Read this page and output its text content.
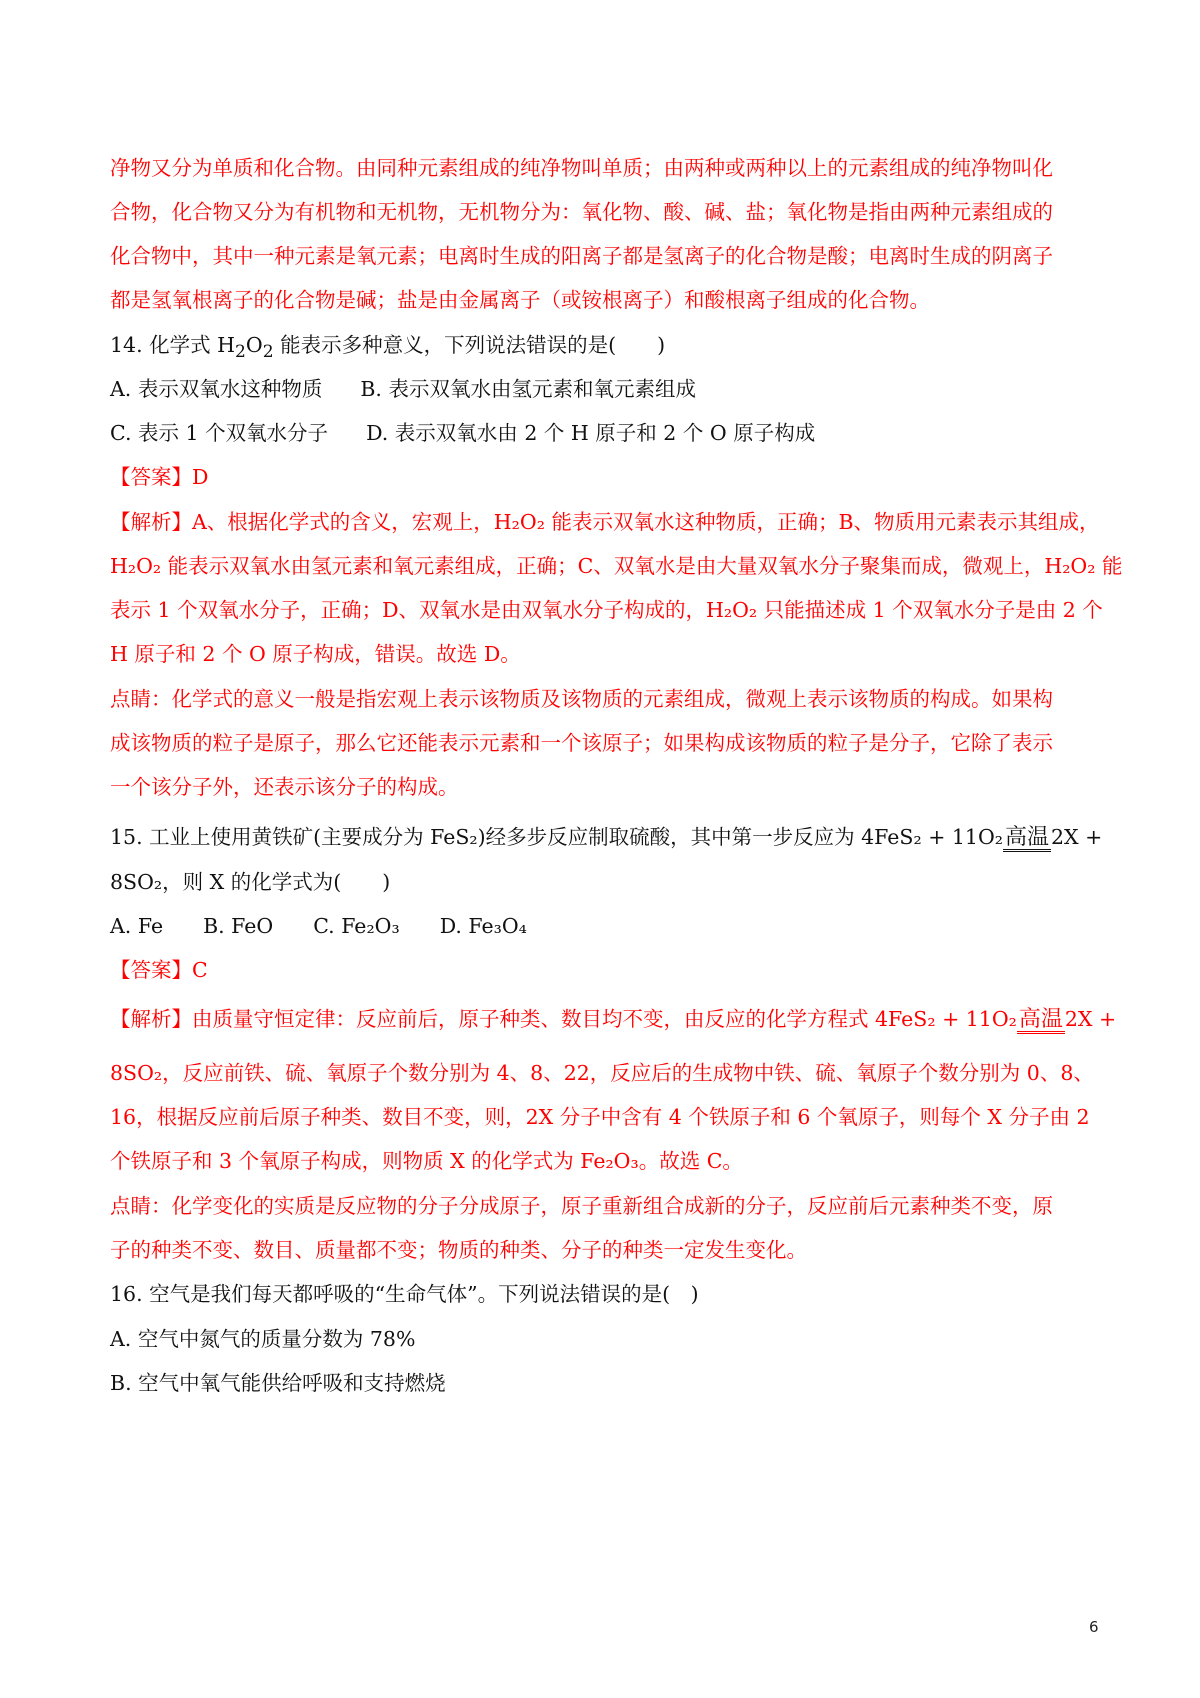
净物又分为单质和化合物。由同种元素组成的纯净物叫单质；由两种或两种以上的元素组成的纯净物叫化
合物，化合物又分为有机物和无机物，无机物分为：氧化物、酸、碱、盐；氧化物是指由两种元素组成的
化合物中，其中一种元素是氧元素；电离时生成的阳离子都是氢离子的化合物是酸；电离时生成的阴离子
都是氢氧根离子的化合物是碱；盐是由金属离子（或铵根离子）和酸根离子组成的化合物。
14. 化学式 $H_2O_2$ 能表示多种意义，下列说法错误的是(　　)
A. 表示双氧水这种物质 B. 表示双氧水由氢元素和氧元素组成
C. 表示 1 个双氧水分子 D. 表示双氧水由 2 个 H 原子和 2 个 O 原子构成
【答案】D
【解析】A、根据化学式的含义，宏观上，H₂O₂ 能表示双氧水这种物质，正确；B、物质用元素表示其组成，
H₂O₂ 能表示双氧水由氢元素和氧元素组成，正确；C、双氧水是由大量双氧水分子聚集而成，微观上，H₂O₂ 能
表示 1 个双氧水分子，正确；D、双氧水是由双氧水分子构成的，H₂O₂ 只能描述成 1 个双氧水分子是由 2 个
H 原子和 2 个 O 原子构成，错误。故选 D。
点睛：化学式的意义一般是指宏观上表示该物质及该物质的元素组成，微观上表示该物质的构成。如果构
成该物质的粒子是原子，那么它还能表示元素和一个该原子；如果构成该物质的粒子是分子，它除了表示
一个该分子外，还表示该分子的构成。
15. 工业上使用黄铁矿(主要成分为 FeS₂)经多步反应制取硫酸，其中第一步反应为 4FeS₂ + 11O₂高温2X +
8SO₂，则 X 的化学式为(　　)
A. Fe B. FeO C. Fe₂O₃ D. Fe₃O₄
【答案】C
【解析】由质量守恒定律：反应前后，原子种类、数目均不变，由反应的化学方程式 4FeS₂ + 11O₂高温2X +
8SO₂，反应前铁、硫、氧原子个数分别为 4、8、22，反应后的生成物中铁、硫、氧原子个数分别为 0、8、
16，根据反应前后原子种类、数目不变，则，2X 分子中含有 4 个铁原子和 6 个氧原子，则每个 X 分子由 2
个铁原子和 3 个氧原子构成，则物质 X 的化学式为 Fe₂O₃。故选 C。
点睛：化学变化的实质是反应物的分子分成原子，原子重新组合成新的分子，反应前后元素种类不变，原
子的种类不变、数目、质量都不变；物质的种类、分子的种类一定发生变化。
16. 空气是我们每天都呼吸的“生命气体”。下列说法错误的是(　)
A. 空气中氮气的质量分数为 78%
B. 空气中氧气能供给呼吸和支持燃烧
6
